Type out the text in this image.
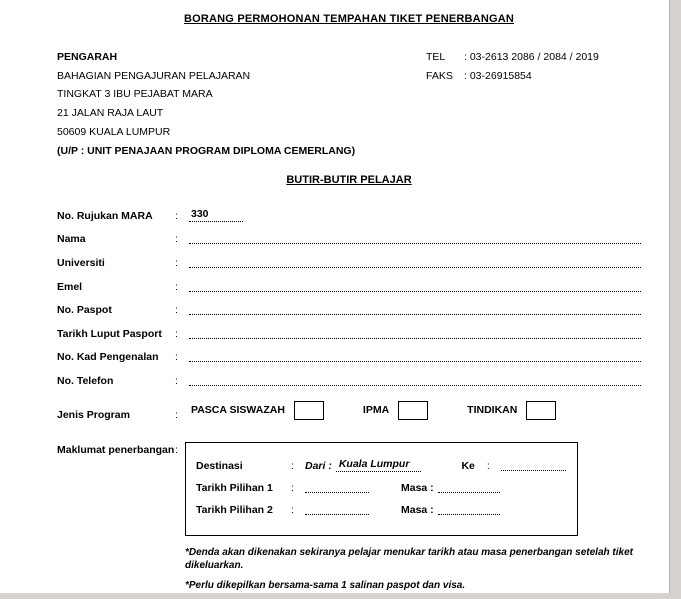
BORANG PERMOHONAN TEMPAHAN TIKET PENERBANGAN
PENGARAH
BAHAGIAN PENGAJURAN PELAJARAN
TINGKAT 3 IBU PEJABAT MARA
21 JALAN RAJA LAUT
50609 KUALA LUMPUR
(U/P : UNIT PENAJAAN PROGRAM DIPLOMA CEMERLANG)
TEL	: 03-2613 2086 / 2084 / 2019
FAKS	: 03-26915854
BUTIR-BUTIR PELAJAR
No. Rujukan MARA	:	330
Nama	:
Universiti	:
Emel	:
No. Paspot	:
Tarikh Luput Pasport	:
No. Kad Pengenalan	:
No. Telefon	:
Jenis Program	:	PASCA SISWAZAH	IPMA	TINDIKAN
Maklumat penerbangan :
Destinasi	:	Dari : Kuala Lumpur	Ke :
Tarikh Pilihan 1	:	Masa :
Tarikh Pilihan 2	:	Masa :
*Denda akan dikenakan sekiranya pelajar menukar tarikh atau masa penerbangan setelah tiket dikeluarkan.
*Perlu dikepilkan bersama-sama 1 salinan paspot dan visa.
